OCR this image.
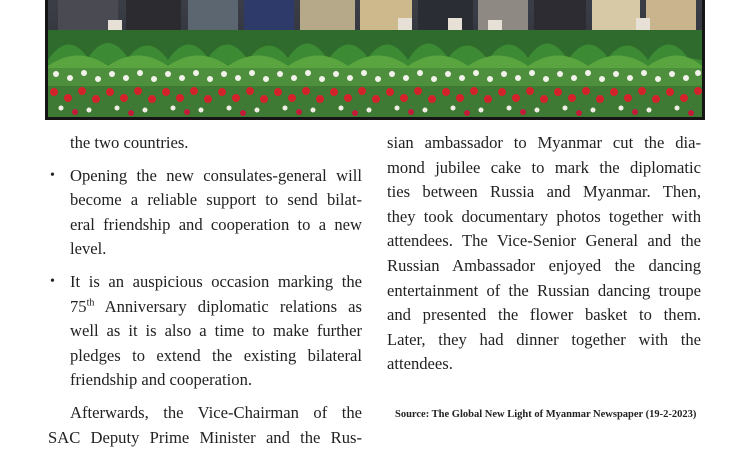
the two countries.
• Opening the new consulates-general will
become a reliable support to send bilat-
eral friendship and cooperation to a new
level.
• It is an auspicious occasion marking the
75th Anniversary diplomatic relations as
well as it is also a time to make further
pledges to extend the existing bilateral
friendship and cooperation.
Afterwards, the Vice-Chairman of the
SAC Deputy Prime Minister and the Rus-
sian ambassador to Myanmar cut the dia-
mond jubilee cake to mark the diplomatic
ties between Russia and Myanmar. Then,
they took documentary photos together with
attendees. The Vice-Senior General and the
Russian Ambassador enjoyed the dancing
entertainment of the Russian dancing troupe
and presented the flower basket to them.
Later, they had dinner together with the
attendees.
Source: The Global New Light of Myanmar Newspaper (19-2-2023)
